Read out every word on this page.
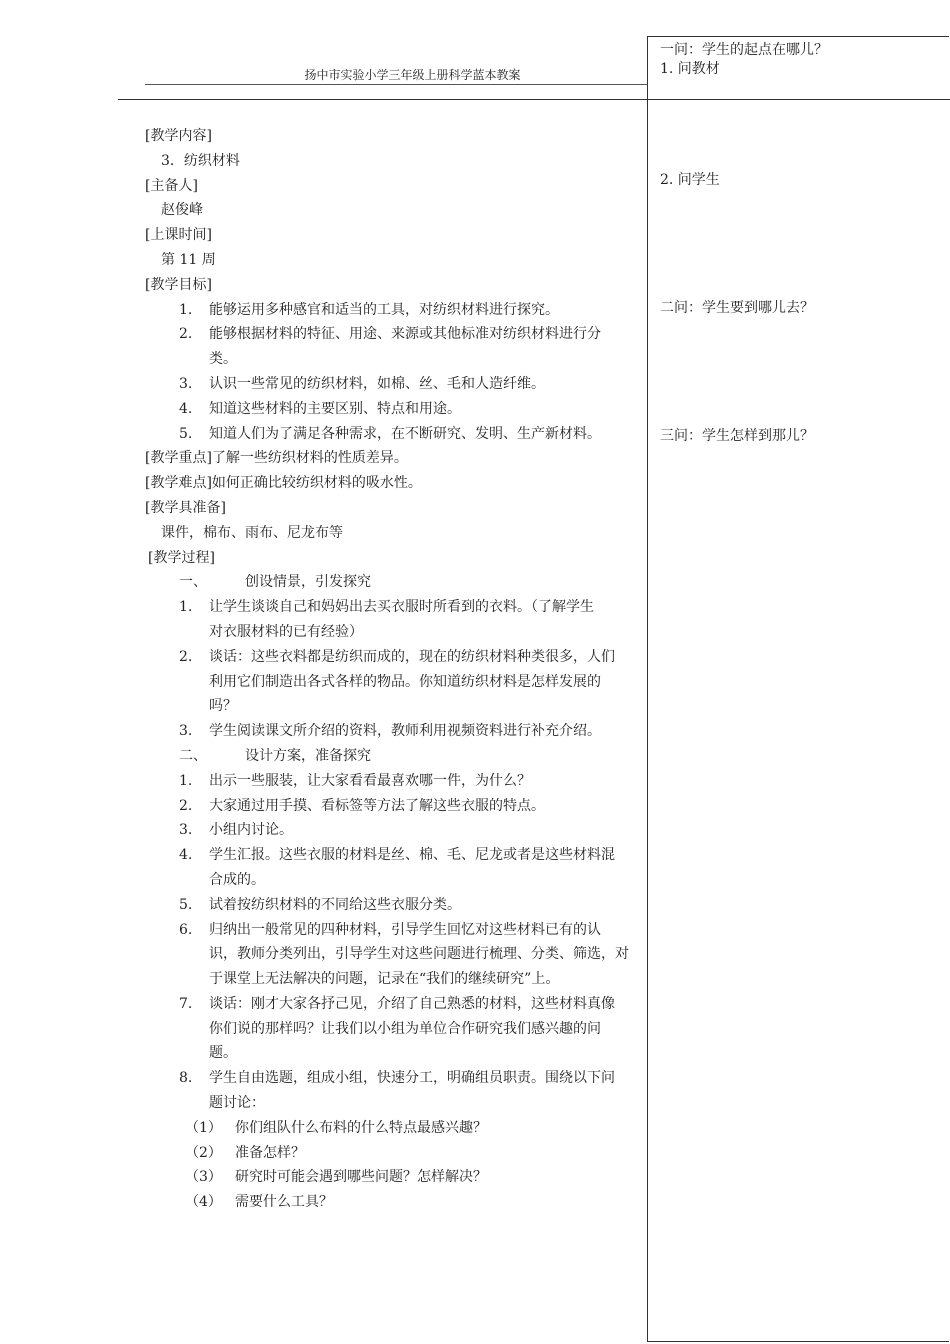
扬中市实验小学三年级上册科学蓝本教案
一问：学生的起点在哪儿？
1. 问教材
2. 问学生
二问：学生要到哪儿去？
三问：学生怎样到那儿？
[教学内容]
3．纺织材料
[主备人]
赵俊峰
[上课时间]
第 11 周
[教学目标]
1. 能够运用多种感官和适当的工具，对纺织材料进行探究。
2. 能够根据材料的特征、用途、来源或其他标准对纺织材料进行分
类。
3. 认识一些常见的纺织材料，如棉、丝、毛和人造纤维。
4. 知道这些材料的主要区别、特点和用途。
5. 知道人们为了满足各种需求，在不断研究、发明、生产新材料。
[教学重点]了解一些纺织材料的性质差异。
[教学难点]如何正确比较纺织材料的吸水性。
[教学具准备]
课件，棉布、雨布、尼龙布等
[教学过程]
一、	创设情景，引发探究
1. 让学生谈谈自己和妈妈出去买衣服时所看到的衣料。（了解学生
对衣服材料的已有经验）
2. 谈话：这些衣料都是纺织而成的，现在的纺织材料种类很多，人们
利用它们制造出各式各样的物品。你知道纺织材料是怎样发展的
吗？
3. 学生阅读课文所介绍的资料，教师利用视频资料进行补充介绍。
二、	设计方案，准备探究
1. 出示一些服装，让大家看看最喜欢哪一件，为什么？
2. 大家通过用手摸、看标签等方法了解这些衣服的特点。
3. 小组内讨论。
4. 学生汇报。这些衣服的材料是丝、棉、毛、尼龙或者是这些材料混
合成的。
5. 试着按纺织材料的不同给这些衣服分类。
6. 归纳出一般常见的四种材料，引导学生回忆对这些材料已有的认
识，教师分类列出，引导学生对这些问题进行梳理、分类、筛选，对
于课堂上无法解决的问题，记录在“我们的继续研究”上。
7. 谈话：刚才大家各抒己见，介绍了自己熟悉的材料，这些材料真像
你们说的那样吗？让我们以小组为单位合作研究我们感兴趣的问
题。
8. 学生自由选题，组成小组，快速分工，明确组员职责。围绕以下问
题讨论：
（1） 你们组队什么布料的什么特点最感兴趣？
（2） 准备怎样？
（3） 研究时可能会遇到哪些问题？怎样解决？
（4） 需要什么工具？
